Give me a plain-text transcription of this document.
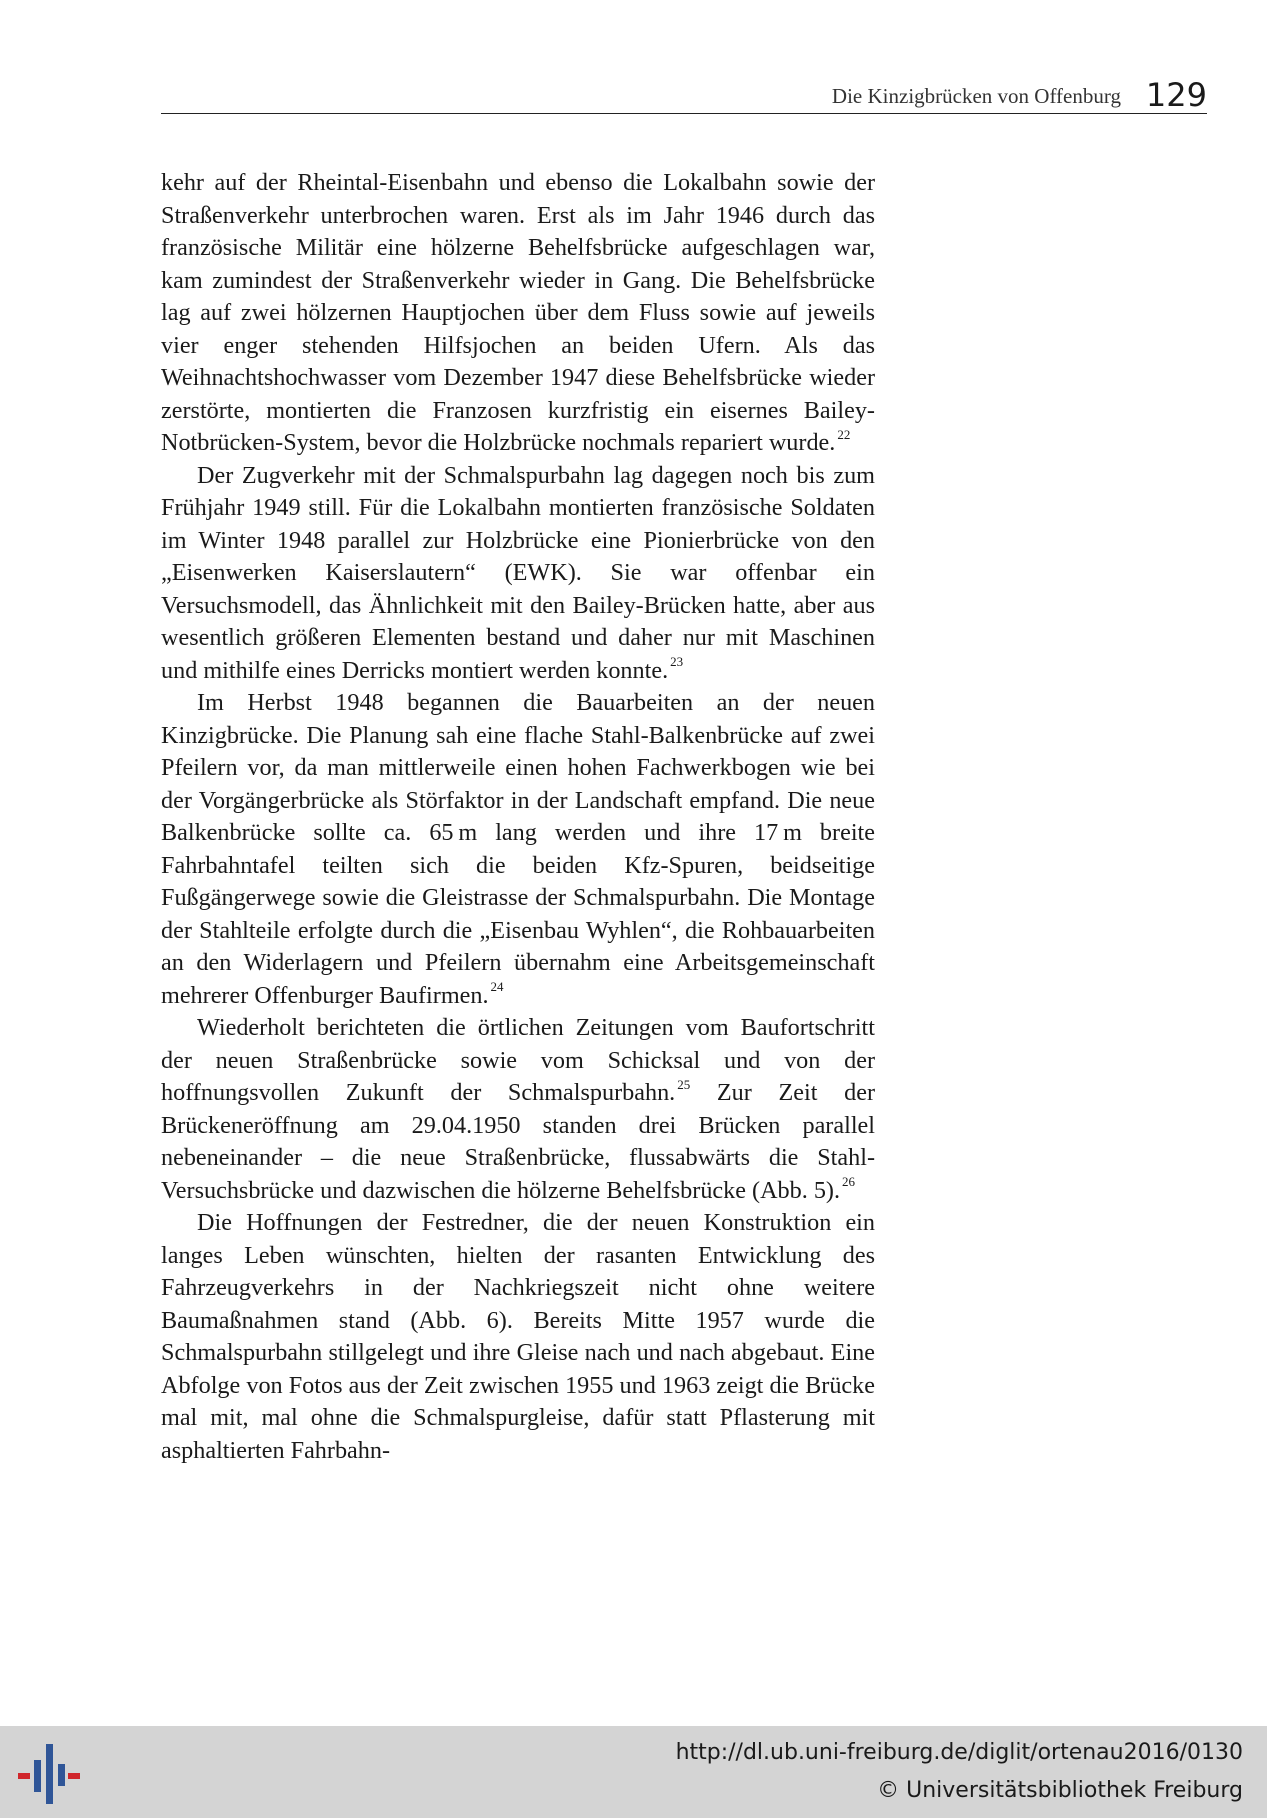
Die Kinzigbrücken von Offenburg 129

kehr auf der Rheintal-Eisenbahn und ebenso die Lokalbahn sowie der Straßenverkehr unterbrochen waren. Erst als im Jahr 1946 durch das französische Militär eine hölzerne Behelfsbrücke aufgeschlagen war, kam zumindest der Straßenverkehr wieder in Gang. Die Behelfsbrücke lag auf zwei hölzernen Hauptjochen über dem Fluss sowie auf jeweils vier enger stehenden Hilfsjochen an beiden Ufern. Als das Weihnachtshochwasser vom Dezember 1947 diese Behelfsbrücke wieder zerstörte, montierten die Franzosen kurzfristig ein eisernes Bailey-Notbrücken-System, bevor die Holzbrücke nochmals repariert wurde. $^{22}$

Der Zugverkehr mit der Schmalspurbahn lag dagegen noch bis zum Frühjahr 1949 still. Für die Lokalbahn montierten französische Soldaten im Winter 1948 parallel zur Holzbrücke eine Pionierbrücke von den „Eisenwerken Kaiserslautern“ (EWK). Sie war offenbar ein Versuchsmodell, das Ähnlichkeit mit den Bailey-Brücken hatte, aber aus wesentlich größeren Elementen bestand und daher nur mit Maschinen und mithilfe eines Derricks montiert werden konnte. $^{23}$

Im Herbst 1948 begannen die Bauarbeiten an der neuen Kinzigbrücke. Die Planung sah eine flache Stahl-Balkenbrücke auf zwei Pfeilern vor, da man mittlerweile einen hohen Fachwerkbogen wie bei der Vorgängerbrücke als Störfaktor in der Landschaft empfand. Die neue Balkenbrücke sollte ca. 65 m lang werden und ihre 17 m breite Fahrbahntafel teilten sich die beiden Kfz-Spuren, beidseitige Fußgängerwege sowie die Gleistrasse der Schmalspurbahn. Die Montage der Stahlteile erfolgte durch die „Eisenbau Wyhlen“, die Rohbauarbeiten an den Widerlagern und Pfeilern übernahm eine Arbeitsgemeinschaft mehrerer Offenburger Baufirmen. $^{24}$

Wiederholt berichteten die örtlichen Zeitungen vom Baufortschritt der neuen Straßenbrücke sowie vom Schicksal und von der hoffnungsvollen Zukunft der Schmalspurbahn. $^{25}$ Zur Zeit der Brückeneröffnung am 29.04.1950 standen drei Brücken parallel nebeneinander – die neue Straßenbrücke, flussabwärts die Stahl-Versuchsbrücke und dazwischen die hölzerne Behelfsbrücke (Abb. 5). $^{26}$

Die Hoffnungen der Festredner, die der neuen Konstruktion ein langes Leben wünschten, hielten der rasanten Entwicklung des Fahrzeugverkehrs in der Nachkriegszeit nicht ohne weitere Baumaßnahmen stand (Abb. 6). Bereits Mitte 1957 wurde die Schmalspurbahn stillgelegt und ihre Gleise nach und nach abgebaut. Eine Abfolge von Fotos aus der Zeit zwischen 1955 und 1963 zeigt die Brücke mal mit, mal ohne die Schmalspurgleise, dafür statt Pflasterung mit asphaltierten Fahrbahn-

http://dl.ub.uni-freiburg.de/diglit/ortenau2016/0130
© Universitätsbibliothek Freiburg
